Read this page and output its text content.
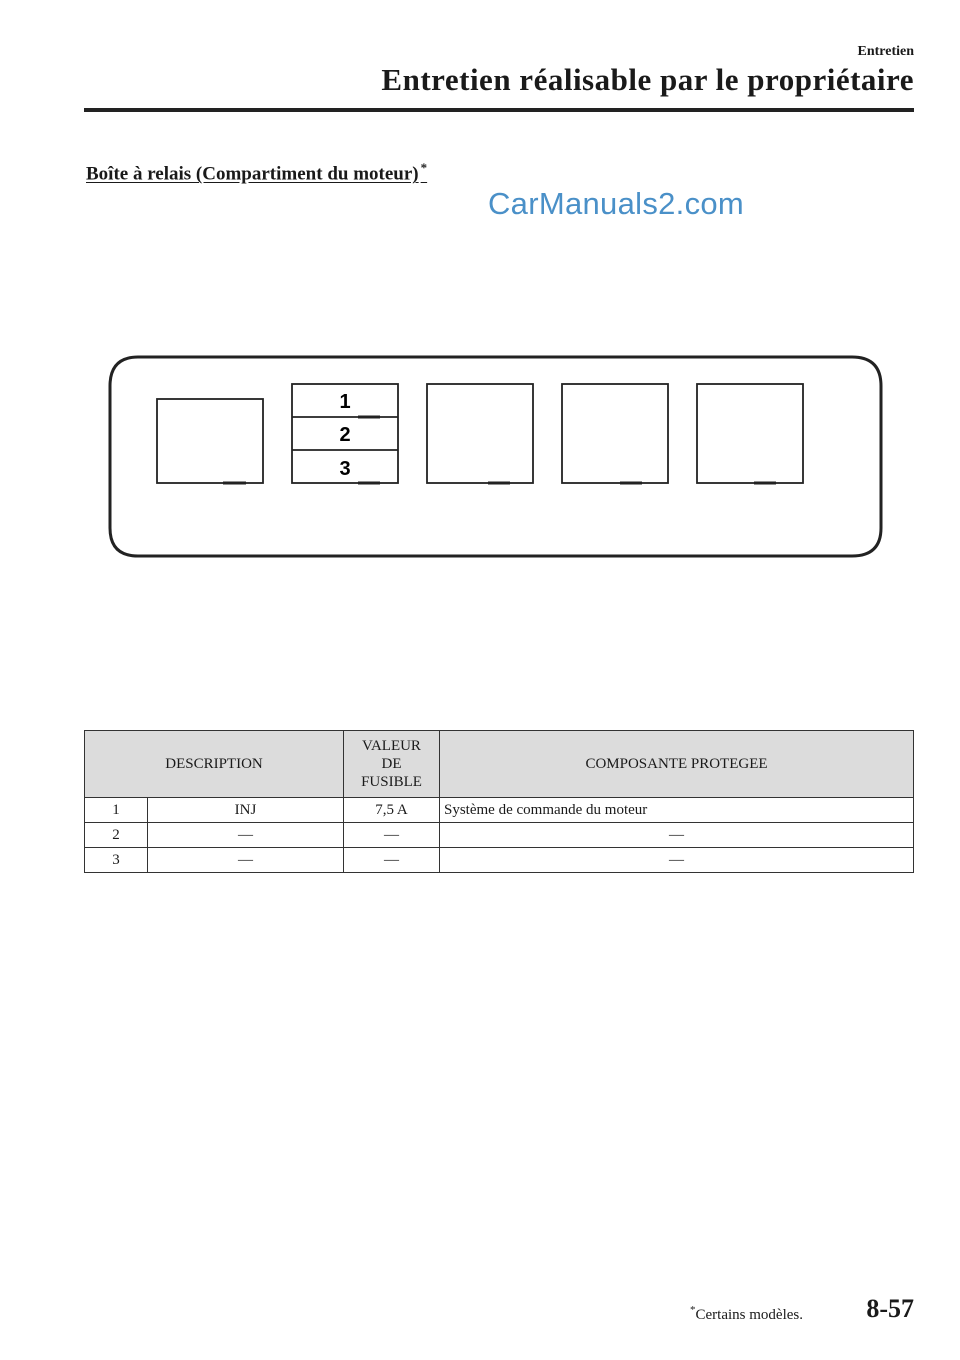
Entretien
Entretien réalisable par le propriétaire
Boîte à relais (Compartiment du moteur) *
CarManuals2.com
1
2
3
DESCRIPTION		VALEUR
DE
FUSIBLE	COMPOSANTE PROTEGEE
1	INJ	7,5 A	Système de commande du moteur
2	—	—	—
3	—	—	—
*Certains modèles. 8-57
